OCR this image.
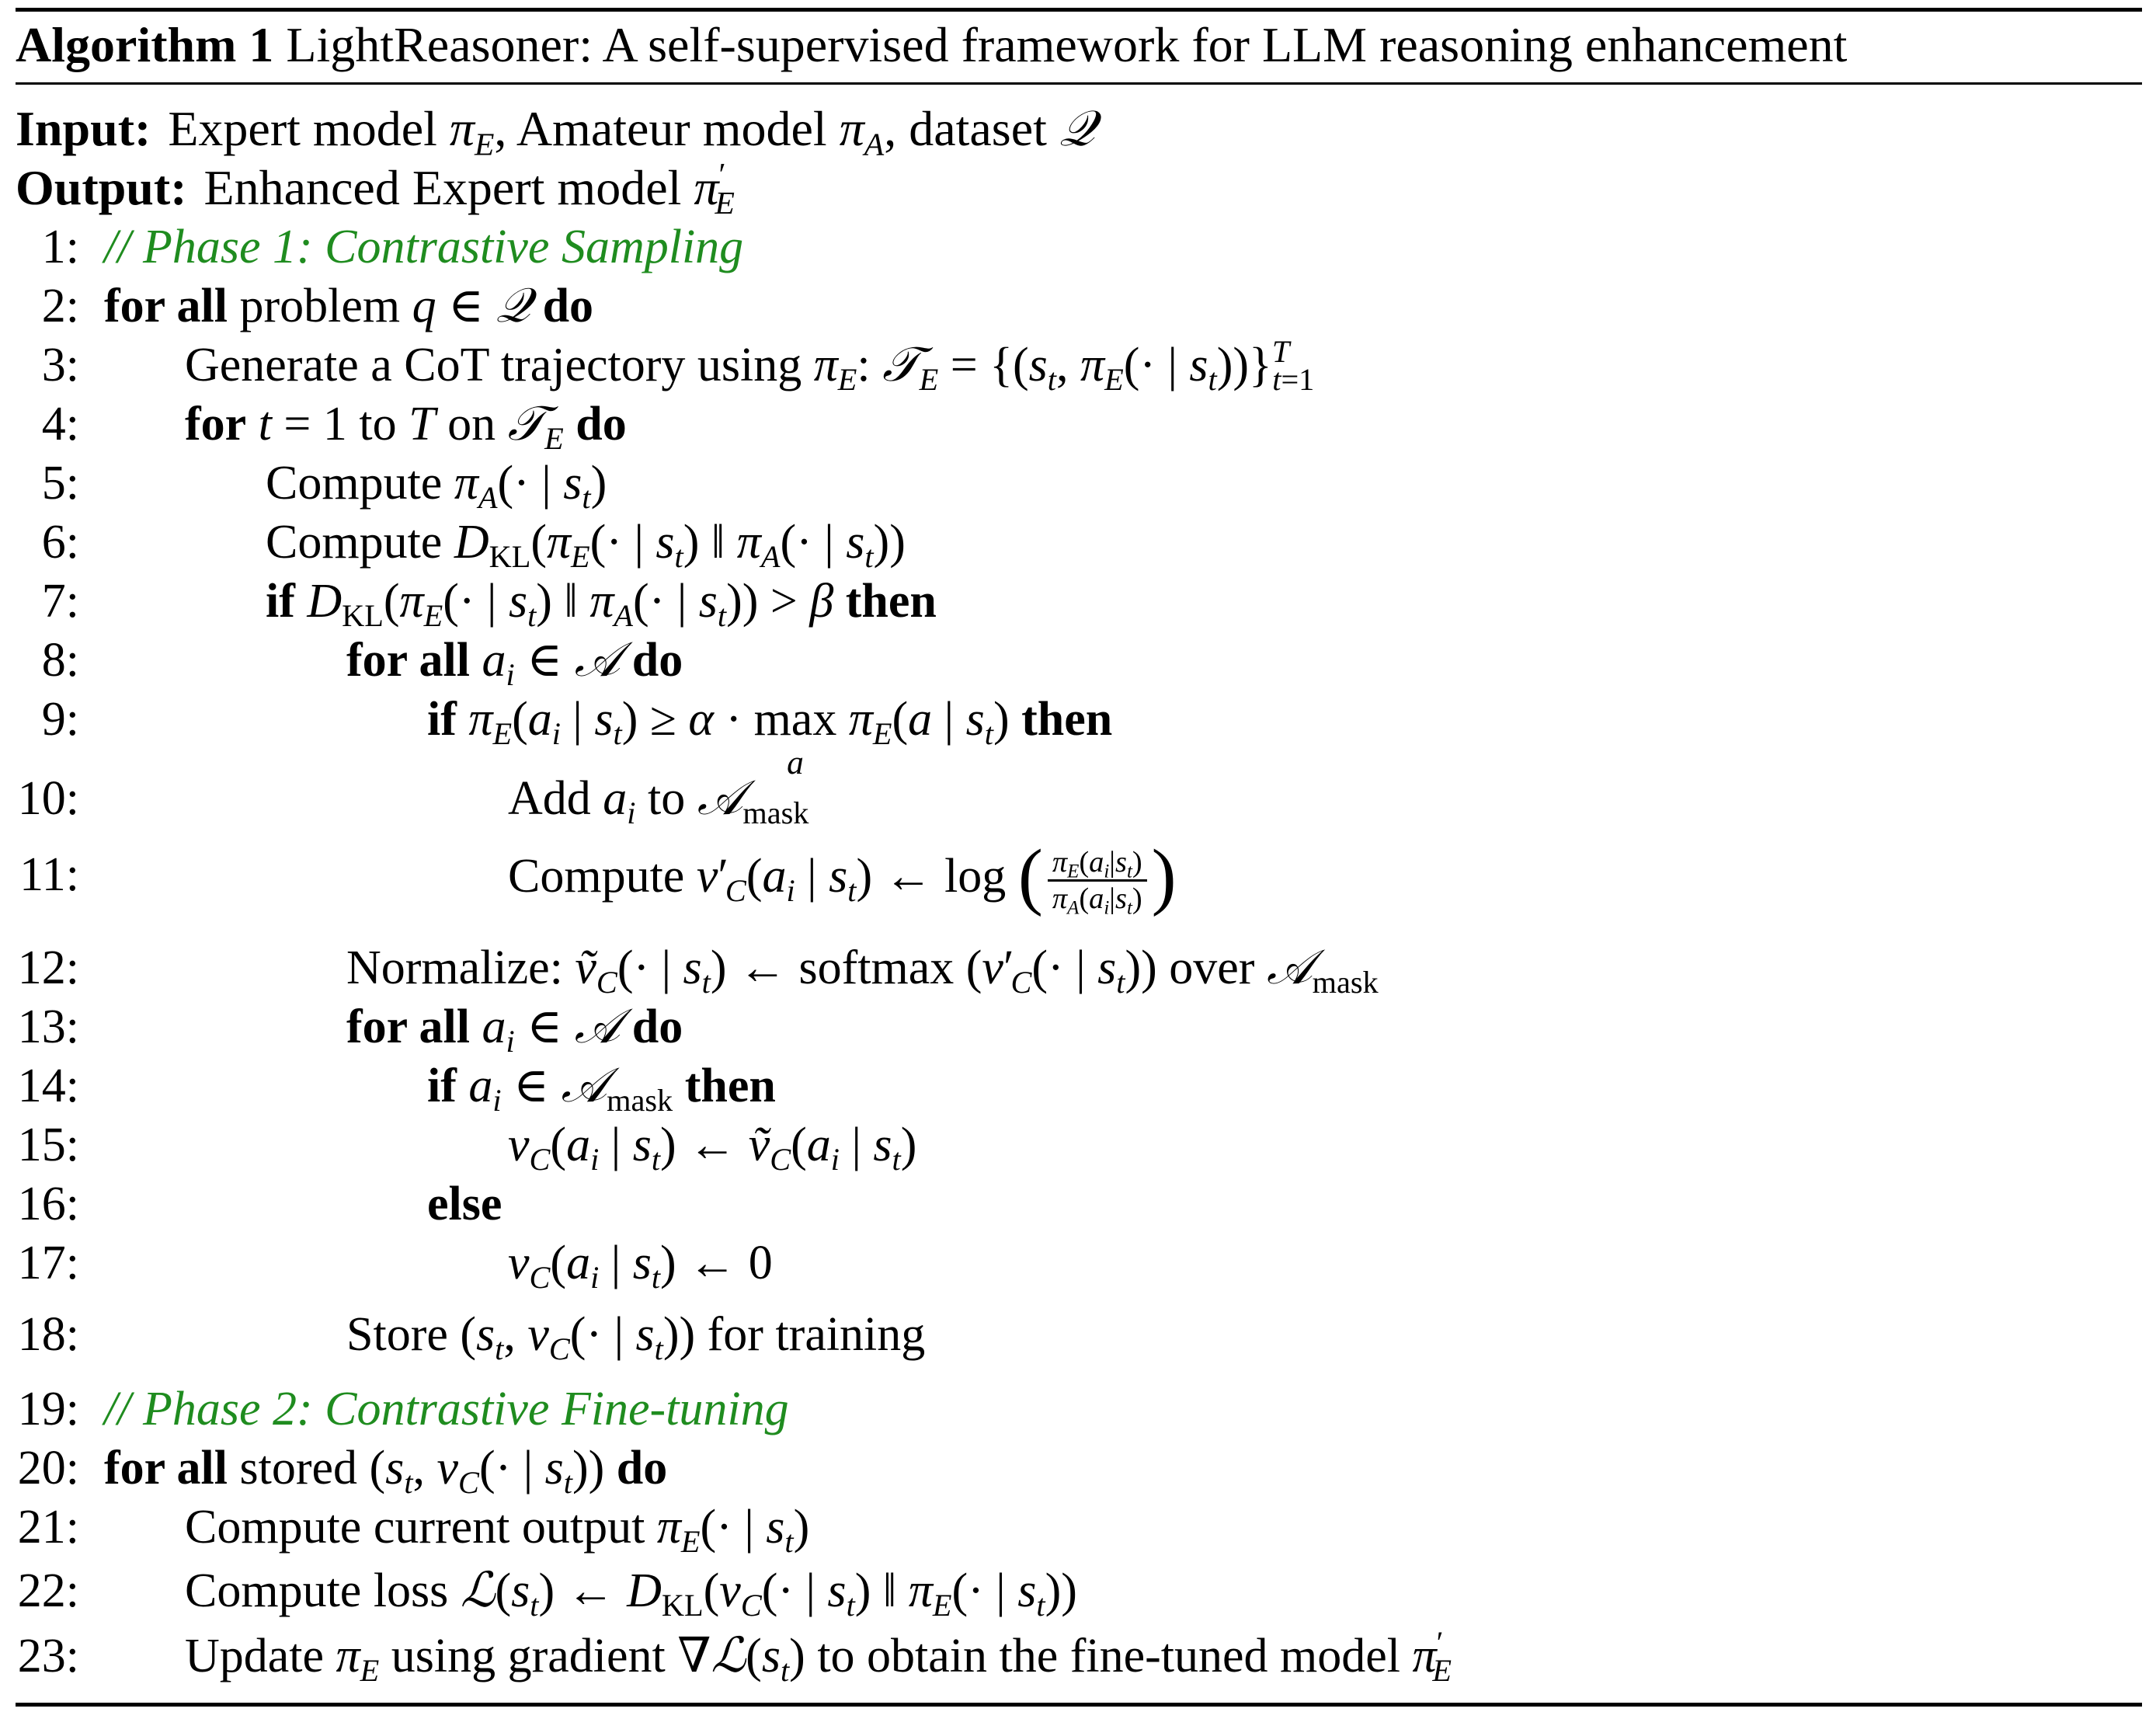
Algorithm 1 LightReasoner: A self-supervised framework for LLM reasoning enhancement
Input: Expert model $\pi_E$, Amateur model $\pi_A$, dataset 𝒬
Output: Enhanced Expert model $\pi'_E$
1: // Phase 1: Contrastive Sampling
2: for all problem q ∈ 𝒬 do
3: Generate a CoT trajectory using $\pi_E$: 𝒯$_E$ = {($s_t$, $\pi_E(\cdot$ | $s_t))\}^T_{t=1}$
4: for t = 1 to T on 𝒯$_E$ do
5:	Compute $\pi_A(\cdot$ | $s_t$)
6:	Compute $D_{KL}(\pi_E(\cdot$ | $s_t$) ‖ $\pi_A(\cdot$ | $s_t$))
7:	if $D_{KL}(\pi_E(\cdot$ | $s_t$) ‖ $\pi_A(\cdot$ | $s_t)) > \beta$ then
8:	for all $a_i$ ∈ 𝒜 do
9:	if $\pi_E(a_i$ | $s_t) \ge \alpha \cdot \max$
a
$\pi_E(a$ | $s_t$) then
10:	Add $a_i$ to 𝒜$_{mask}$
11:	Compute $v'_C(a_i$ | $s_t$) ← log ( $\frac{\pi_E(a_i|s_t)}{\pi_A(a_i|s_t)}$ )
12:	Normalize: ṽ$_C$(· | $s_t$) ← softmax ($v'_C(\cdot$ | $s_t$)) over 𝒜$_{mask}$
13:	for all $a_i$ ∈ 𝒜 do
14:	if $a_i$ ∈ 𝒜$_{mask}$ then
15:	$v_C(a_i$ | $s_t$) ← $ṽ_C(a_i$ | $s_t$)
16:	else
17:	$v_C(a_i$ | $s_t$) ← 0
18:	Store ($s_t$, $v_C(\cdot$ | $s_t$)) for training
19: // Phase 2: Contrastive Fine-tuning
20: for all stored ($s_t$, $v_C(\cdot$ | $s_t$)) do
21: Compute current output $\pi_E(\cdot$ | $s_t$)
22: Compute loss $ℒ(s_t)$ ← $D_{KL}(v_C(\cdot$ | $s_t$) ‖ $\pi_E(\cdot$ | $s_t$))
23: Update $\pi_E$ using gradient $\nabla ℒ(s_t)$ to obtain the fine-tuned model $\pi'_E$
